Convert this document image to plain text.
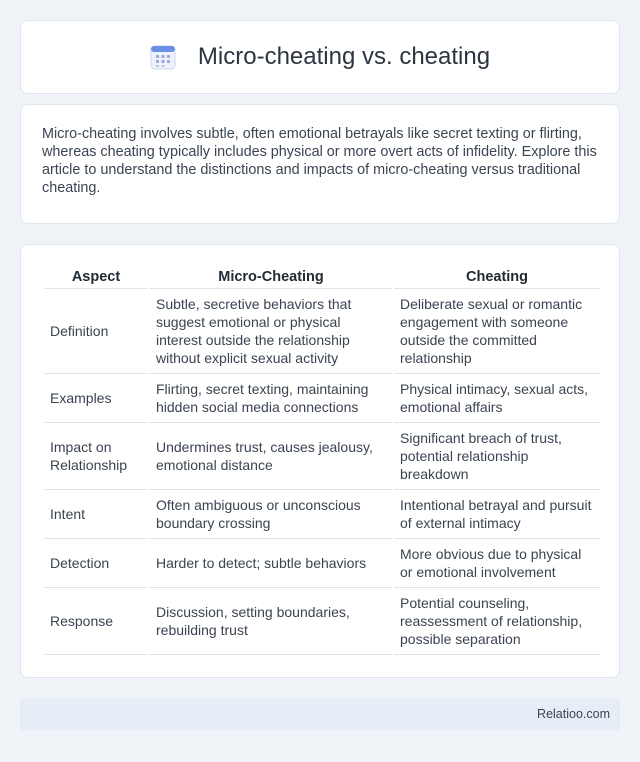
Micro-cheating vs. cheating

Micro-cheating involves subtle, often emotional betrayals like secret texting or flirting, whereas cheating typically includes physical or more overt acts of infidelity. Explore this article to understand the distinctions and impacts of micro-cheating versus traditional cheating.

Aspect	Micro-Cheating	Cheating
Definition	Subtle, secretive behaviors that suggest emotional or physical interest outside the relationship without explicit sexual activity	Deliberate sexual or romantic engagement with someone outside the committed relationship
Examples	Flirting, secret texting, maintaining hidden social media connections	Physical intimacy, sexual acts, emotional affairs
Impact on Relationship	Undermines trust, causes jealousy, emotional distance	Significant breach of trust, potential relationship breakdown
Intent	Often ambiguous or unconscious boundary crossing	Intentional betrayal and pursuit of external intimacy
Detection	Harder to detect; subtle behaviors	More obvious due to physical or emotional involvement
Response	Discussion, setting boundaries, rebuilding trust	Potential counseling, reassessment of relationship, possible separation
Relatioo.com
